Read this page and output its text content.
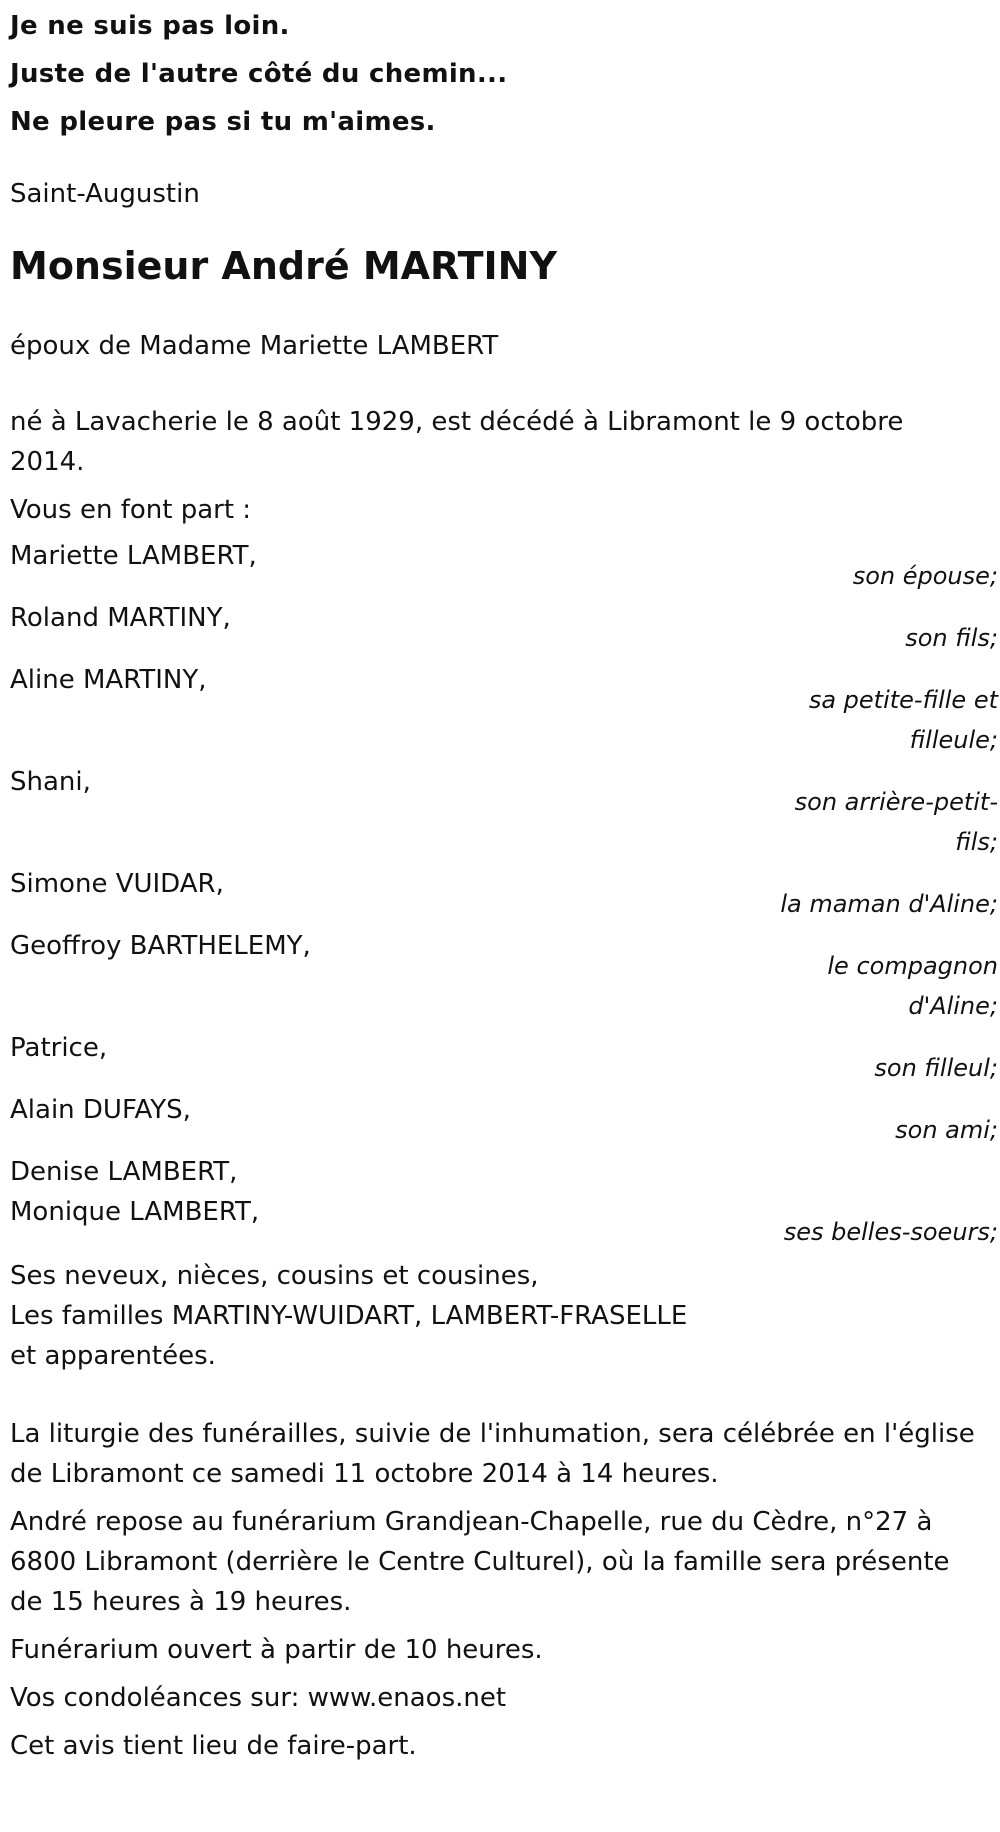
Je ne suis pas loin.

Juste de l'autre côté du chemin...

Ne pleure pas si tu m'aimes.

Saint-Augustin

Monsieur André MARTINY

époux de Madame Mariette LAMBERT

né à Lavacherie le 8 août 1929, est décédé à Libramont le 9 octobre 2014.

Vous en font part :

Mariette LAMBERT,
son épouse;
Roland MARTINY,
son fils;
Aline MARTINY,
sa petite-fille et filleule;
Shani,
son arrière-petit-fils;
Simone VUIDAR,
la maman d'Aline;
Geoffroy BARTHELEMY,
le compagnon d'Aline;
Patrice,
son filleul;
Alain DUFAYS,
son ami;
Denise LAMBERT,
Monique LAMBERT,
ses belles-soeurs;
Ses neveux, nièces, cousins et cousines,
Les familles MARTINY-WUIDART, LAMBERT-FRASELLE
et apparentées.

La liturgie des funérailles, suivie de l'inhumation, sera célébrée en l'église de Libramont ce samedi 11 octobre 2014 à 14 heures.

André repose au funérarium Grandjean-Chapelle, rue du Cèdre, n°27 à 6800 Libramont (derrière le Centre Culturel), où la famille sera présente de 15 heures à 19 heures.

Funérarium ouvert à partir de 10 heures.

Vos condoléances sur: www.enaos.net

Cet avis tient lieu de faire-part.
